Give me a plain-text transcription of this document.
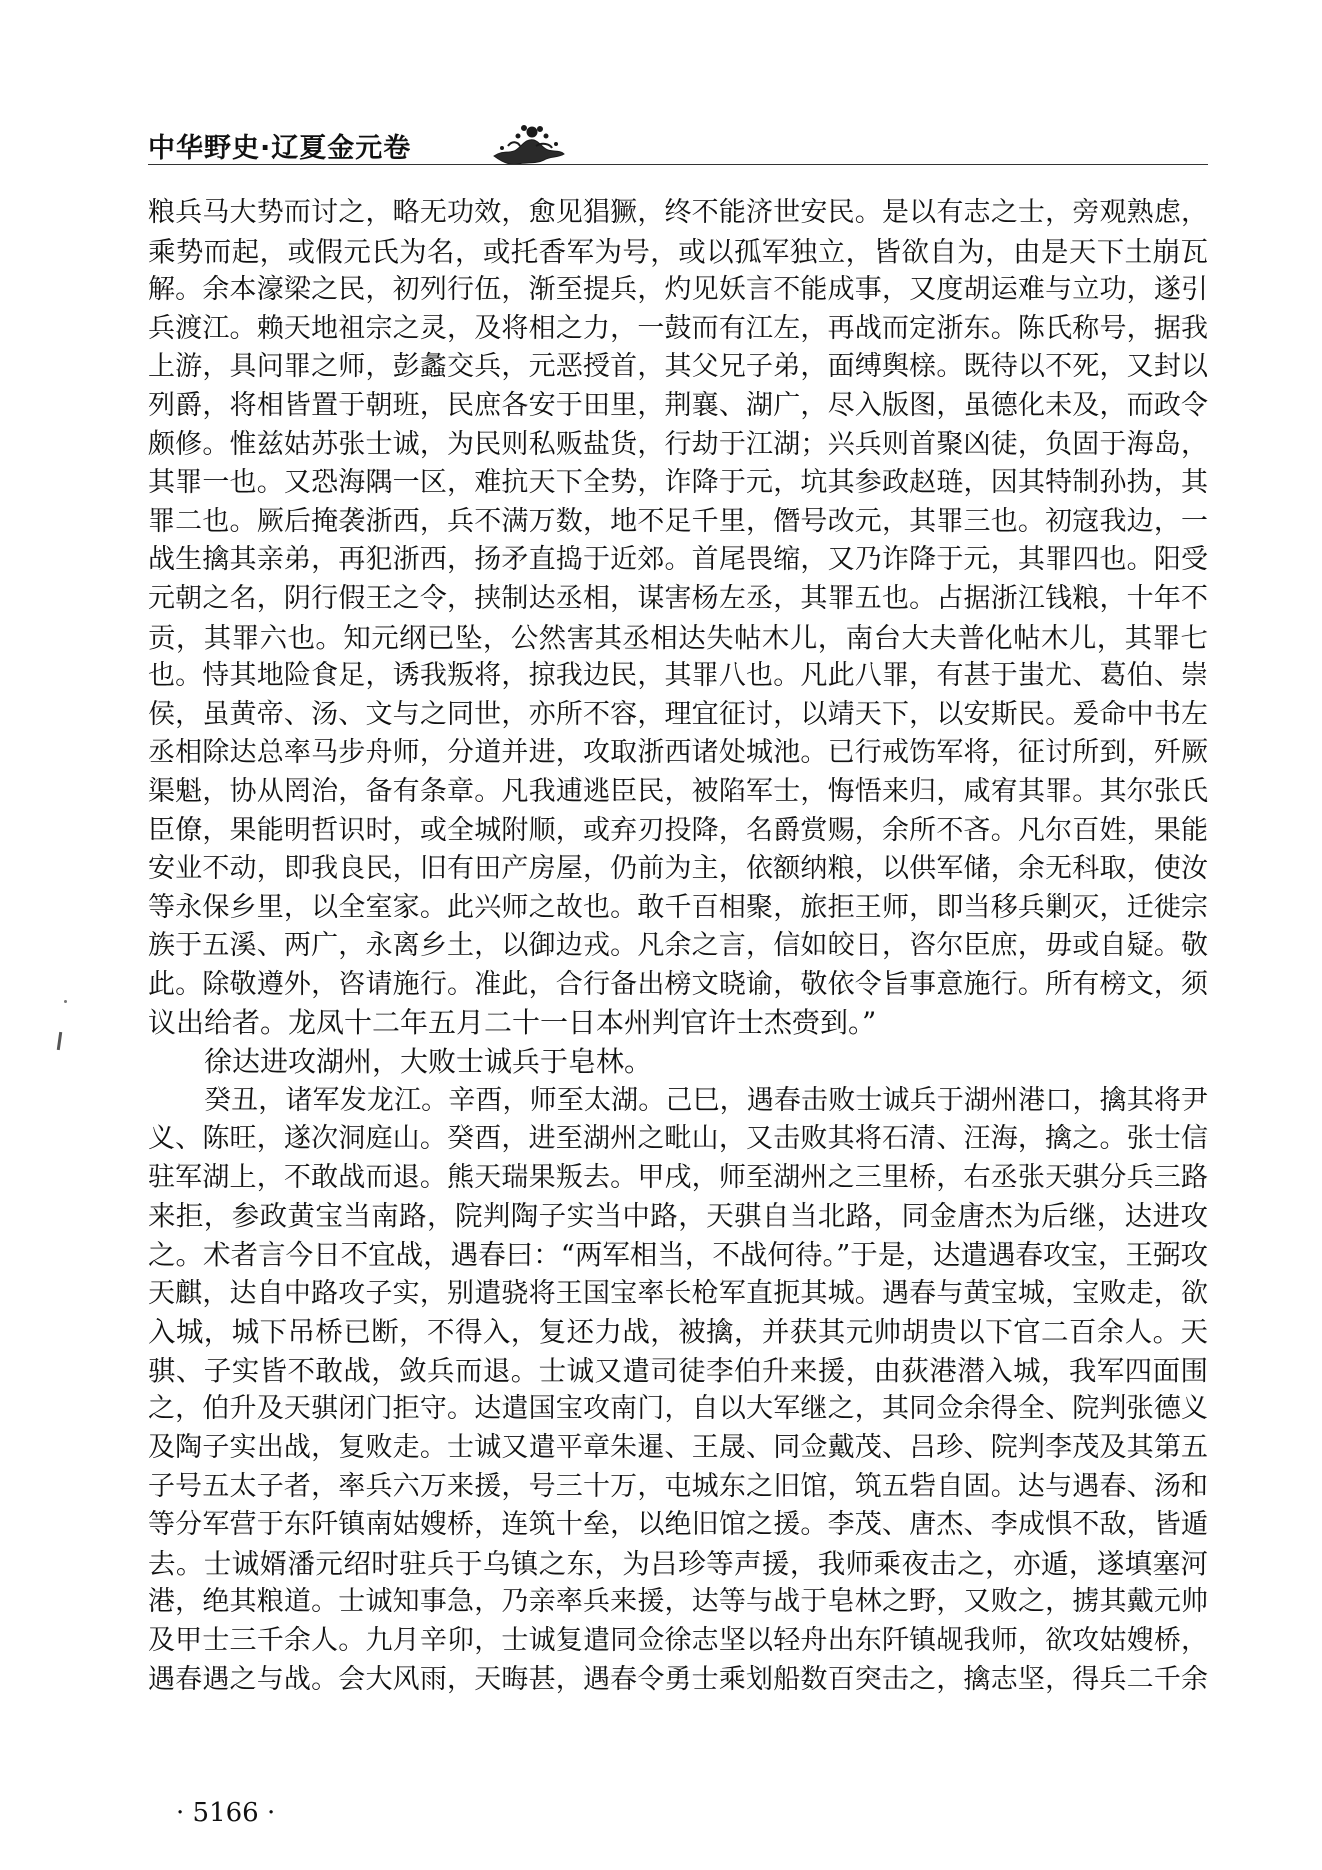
中华野史·辽夏金元卷
粮兵马大势而讨之，略无功效，愈见猖獗，终不能济世安民。是以有志之士，旁观熟虑，
乘势而起，或假元氏为名，或托香军为号，或以孤军独立，皆欲自为，由是天下土崩瓦
解。余本濠梁之民，初列行伍，渐至提兵，灼见妖言不能成事，又度胡运难与立功，遂引
兵渡江。赖天地祖宗之灵，及将相之力，一鼓而有江左，再战而定浙东。陈氏称号，据我
上游，具问罪之师，彭蠡交兵，元恶授首，其父兄子弟，面缚舆榇。既待以不死，又封以
列爵，将相皆置于朝班，民庶各安于田里，荆襄、湖广，尽入版图，虽德化未及，而政令
颇修。惟兹姑苏张士诚，为民则私贩盐货，行劫于江湖；兴兵则首聚凶徒，负固于海岛，
其罪一也。又恐海隅一区，难抗天下全势，诈降于元，坑其参政赵琏，因其特制孙㧑，其
罪二也。厥后掩袭浙西，兵不满万数，地不足千里，僭号改元，其罪三也。初寇我边，一
战生擒其亲弟，再犯浙西，扬矛直捣于近郊。首尾畏缩，又乃诈降于元，其罪四也。阳受
元朝之名，阴行假王之令，挟制达丞相，谋害杨左丞，其罪五也。占据浙江钱粮，十年不
贡，其罪六也。知元纲已坠，公然害其丞相达失帖木儿，南台大夫普化帖木儿，其罪七
也。恃其地险食足，诱我叛将，掠我边民，其罪八也。凡此八罪，有甚于蚩尤、葛伯、崇
侯，虽黄帝、汤、文与之同世，亦所不容，理宜征讨，以靖天下，以安斯民。爰命中书左
丞相除达总率马步舟师，分道并进，攻取浙西诸处城池。已行戒饬军将，征讨所到，歼厥
渠魁，协从罔治，备有条章。凡我逋逃臣民，被陷军士，悔悟来归，咸宥其罪。其尔张氏
臣僚，果能明哲识时，或全城附顺，或弃刃投降，名爵赏赐，余所不吝。凡尔百姓，果能
安业不动，即我良民，旧有田产房屋，仍前为主，依额纳粮，以供军储，余无科取，使汝
等永保乡里，以全室家。此兴师之故也。敢千百相聚，旅拒王师，即当移兵剿灭，迁徙宗
族于五溪、两广，永离乡土，以御边戎。凡余之言，信如皎日，咨尔臣庶，毋或自疑。敬
此。除敬遵外，咨请施行。准此，合行备出榜文晓谕，敬依令旨事意施行。所有榜文，须
议出给者。龙凤十二年五月二十一日本州判官许士杰赍到。”
徐达进攻湖州，大败士诚兵于皂林。
癸丑，诸军发龙江。辛酉，师至太湖。己巳，遇春击败士诚兵于湖州港口，擒其将尹
义、陈旺，遂次洞庭山。癸酉，进至湖州之毗山，又击败其将石清、汪海，擒之。张士信
驻军湖上，不敢战而退。熊天瑞果叛去。甲戌，师至湖州之三里桥，右丞张天骐分兵三路
来拒，参政黄宝当南路，院判陶子实当中路，天骐自当北路，同金唐杰为后继，达进攻
之。术者言今日不宜战，遇春曰：“两军相当，不战何待。”于是，达遣遇春攻宝，王弼攻
天麒，达自中路攻子实，别遣骁将王国宝率长枪军直扼其城。遇春与黄宝城，宝败走，欲
入城，城下吊桥已断，不得入，复还力战，被擒，并获其元帅胡贵以下官二百余人。天
骐、子实皆不敢战，敛兵而退。士诚又遣司徒李伯升来援，由荻港潜入城，我军四面围
之，伯升及天骐闭门拒守。达遣国宝攻南门，自以大军继之，其同佥余得全、院判张德义
及陶子实出战，复败走。士诚又遣平章朱暹、王晟、同佥戴茂、吕珍、院判李茂及其第五
子号五太子者，率兵六万来援，号三十万，屯城东之旧馆，筑五砦自固。达与遇春、汤和
等分军营于东阡镇南姑嫂桥，连筑十垒，以绝旧馆之援。李茂、唐杰、李成惧不敌，皆遁
去。士诚婿潘元绍时驻兵于乌镇之东，为吕珍等声援，我师乘夜击之，亦遁，遂填塞河
港，绝其粮道。士诚知事急，乃亲率兵来援，达等与战于皂林之野，又败之，掳其戴元帅
及甲士三千余人。九月辛卯，士诚复遣同佥徐志坚以轻舟出东阡镇觇我师，欲攻姑嫂桥，
遇春遇之与战。会大风雨，天晦甚，遇春令勇士乘划船数百突击之，擒志坚，得兵二千余
· 5166 ·
